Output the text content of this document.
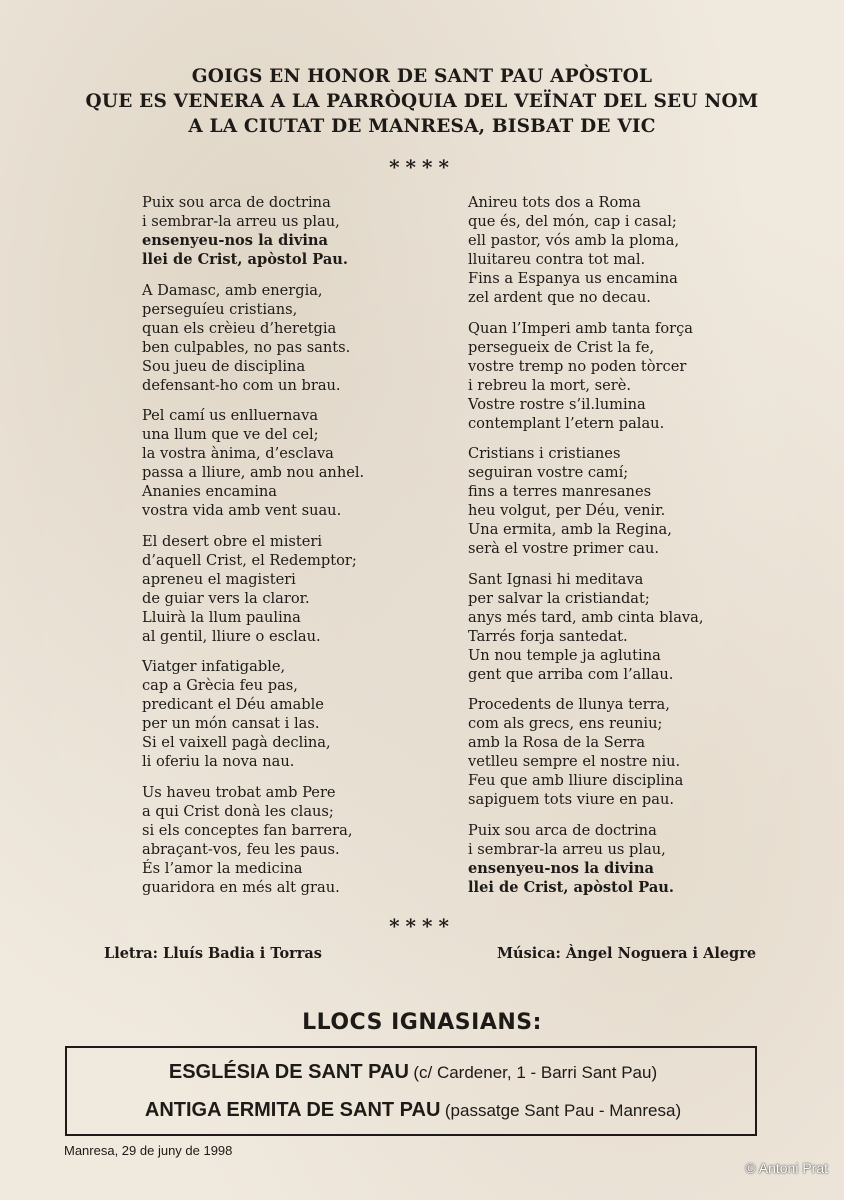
GOIGS EN HONOR DE SANT PAU APÒSTOL
QUE ES VENERA A LA PARRÒQUIA DEL VEÏNAT DEL SEU NOM
A LA CIUTAT DE MANRESA, BISBAT DE VIC
****
Puix sou arca de doctrina
i sembrar-la arreu us plau,
ensenyeu-nos la divina
llei de Crist, apòstol Pau.
A Damasc, amb energia,
perseguíeu cristians,
quan els crèieu d’heretgia
ben culpables, no pas sants.
Sou jueu de disciplina
defensant-ho com un brau.
Pel camí us enlluernava
una llum que ve del cel;
la vostra ànima, d’esclava
passa a lliure, amb nou anhel.
Ananies encamina
vostra vida amb vent suau.
El desert obre el misteri
d’aquell Crist, el Redemptor;
apreneu el magisteri
de guiar vers la claror.
Lluirà la llum paulina
al gentil, lliure o esclau.
Viatger infatigable,
cap a Grècia feu pas,
predicant el Déu amable
per un món cansat i las.
Si el vaixell pagà declina,
li oferiu la nova nau.
Us haveu trobat amb Pere
a qui Crist donà les claus;
si els conceptes fan barrera,
abraçant-vos, feu les paus.
És l’amor la medicina
guaridora en més alt grau.
Anireu tots dos a Roma
que és, del món, cap i casal;
ell pastor, vós amb la ploma,
lluitareu contra tot mal.
Fins a Espanya us encamina
zel ardent que no decau.
Quan l’Imperi amb tanta força
persegueix de Crist la fe,
vostre tremp no poden tòrcer
i rebreu la mort, serè.
Vostre rostre s’il.lumina
contemplant l’etern palau.
Cristians i cristianes
seguiran vostre camí;
fins a terres manresanes
heu volgut, per Déu, venir.
Una ermita, amb la Regina,
serà el vostre primer cau.
Sant Ignasi hi meditava
per salvar la cristiandat;
anys més tard, amb cinta blava,
Tarrés forja santedat.
Un nou temple ja aglutina
gent que arriba com l’allau.
Procedents de llunya terra,
com als grecs, ens reuniu;
amb la Rosa de la Serra
vetlleu sempre el nostre niu.
Feu que amb lliure disciplina
sapiguem tots viure en pau.
Puix sou arca de doctrina
i sembrar-la arreu us plau,
ensenyeu-nos la divina
llei de Crist, apòstol Pau.
****
Lletra: Lluís Badia i Torras	Música: Àngel Noguera i Alegre
LLOCS IGNASIANS:
ESGLÉSIA DE SANT PAU (c/ Cardener, 1 - Barri Sant Pau)
ANTIGA ERMITA DE SANT PAU (passatge Sant Pau - Manresa)
Manresa, 29 de juny de 1998
© Antoni Prat
